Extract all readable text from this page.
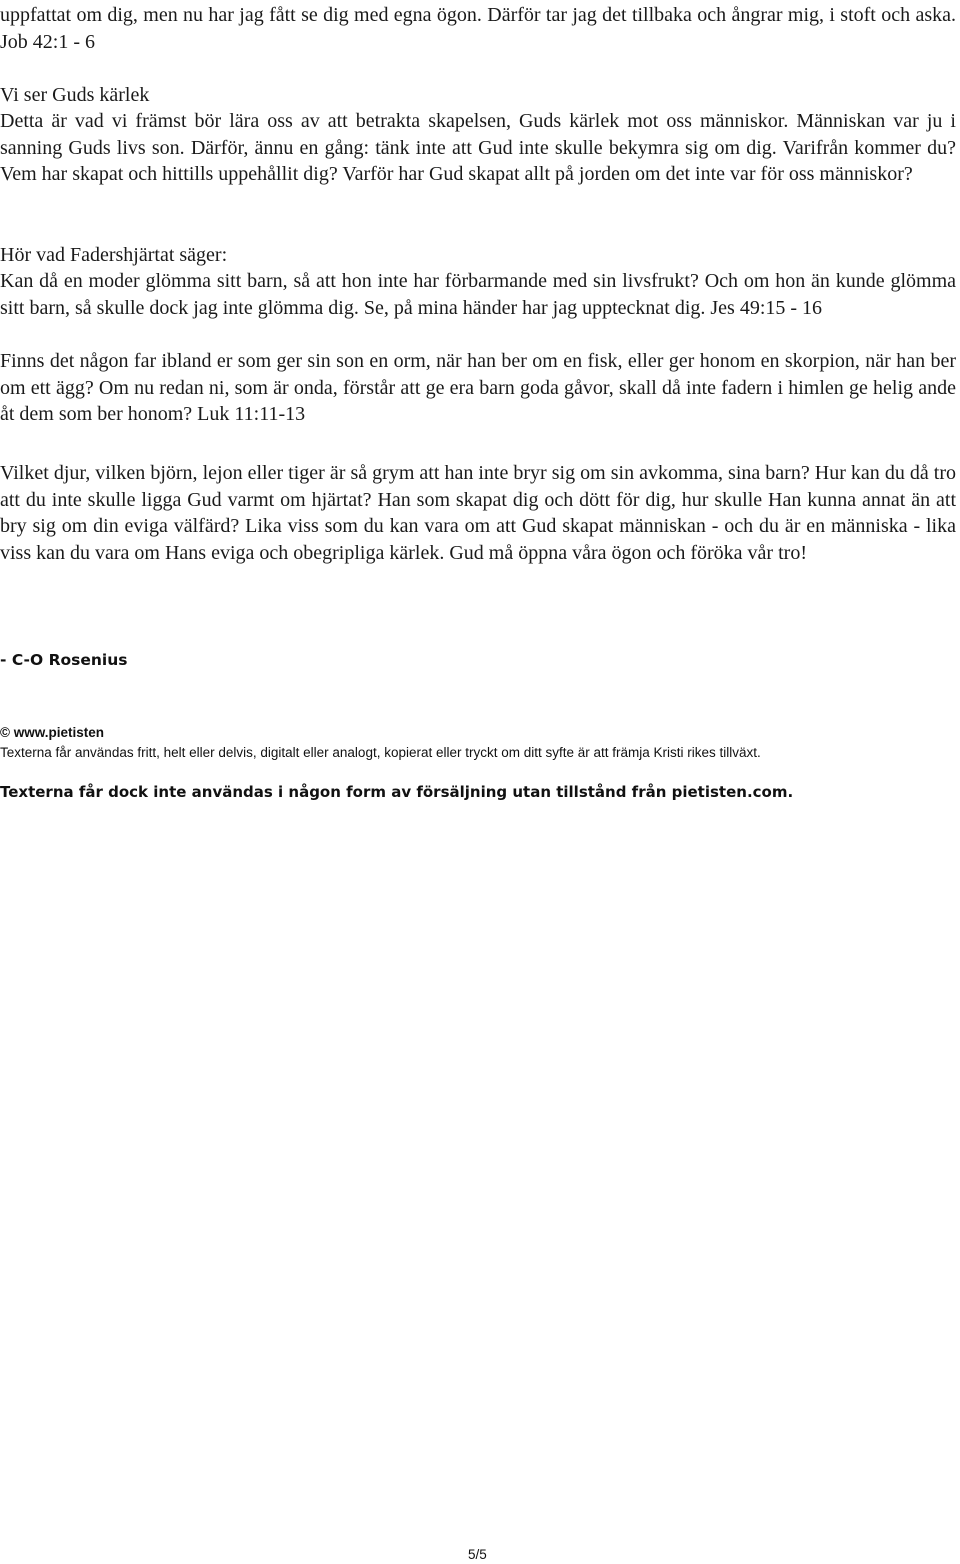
uppfattat om dig, men nu har jag fått se dig med egna ögon. Därför tar jag det tillbaka och ångrar mig, i stoft och aska. Job 42:1 - 6

Vi ser Guds kärlek

Detta är vad vi främst bör lära oss av att betrakta skapelsen, Guds kärlek mot oss människor. Människan var ju i sanning Guds livs son. Därför, ännu en gång: tänk inte att Gud inte skulle bekymra sig om dig. Varifrån kommer du? Vem har skapat och hittills uppehållit dig? Varför har Gud skapat allt på jorden om det inte var för oss människor?

Hör vad Fadershjärtat säger:

Kan då en moder glömma sitt barn, så att hon inte har förbarmande med sin livsfrukt? Och om hon än kunde glömma sitt barn, så skulle dock jag inte glömma dig. Se, på mina händer har jag upptecknat dig. Jes 49:15 - 16

Finns det någon far ibland er som ger sin son en orm, när han ber om en fisk, eller ger honom en skorpion, när han ber om ett ägg? Om nu redan ni, som är onda, förstår att ge era barn goda gåvor, skall då inte fadern i himlen ge helig ande åt dem som ber honom? Luk 11:11-13

Vilket djur, vilken björn, lejon eller tiger är så grym att han inte bryr sig om sin avkomma, sina barn? Hur kan du då tro att du inte skulle ligga Gud varmt om hjärtat? Han som skapat dig och dött för dig, hur skulle Han kunna annat än att bry sig om din eviga välfärd? Lika viss som du kan vara om att Gud skapat människan - och du är en människa - lika viss kan du vara om Hans eviga och obegripliga kärlek. Gud må öppna våra ögon och föröka vår tro!

- C-O Rosenius

© www.pietisten

Texterna får användas fritt, helt eller delvis, digitalt eller analogt, kopierat eller tryckt om ditt syfte är att främja Kristi rikes tillväxt.

Texterna får dock inte användas i någon form av försäljning utan tillstånd från pietisten.com.

5/5
